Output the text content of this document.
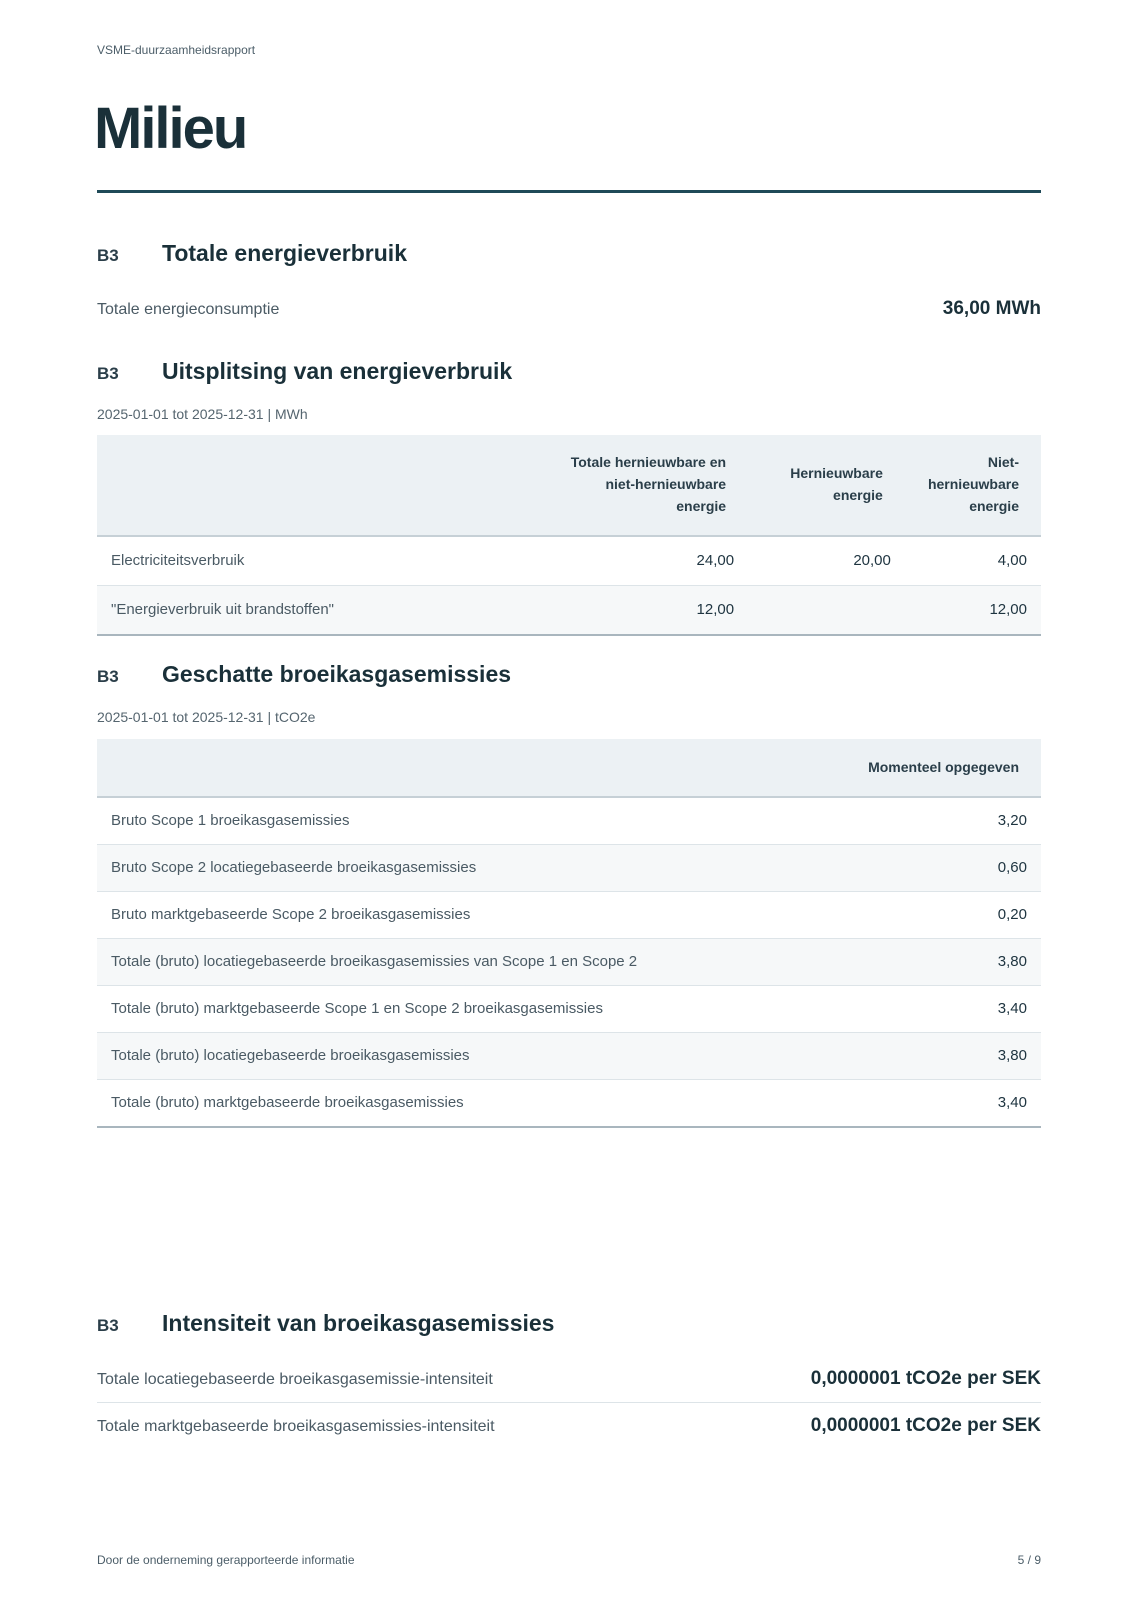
VSME-duurzaamheidsrapport
Milieu
B3	Totale energieverbruik
Totale energieconsumptie	36,00 MWh
B3	Uitsplitsing van energieverbruik
2025-01-01 tot 2025-12-31 | MWh
	Totale hernieuwbare en niet-hernieuwbare energie	Hernieuwbare energie	Niet-hernieuwbare energie
Electriciteitsverbruik	24,00	20,00	4,00
"Energieverbruik uit brandstoffen"	12,00		12,00
B3	Geschatte broeikasgasemissies
2025-01-01 tot 2025-12-31 | tCO2e
	Momenteel opgegeven
Bruto Scope 1 broeikasgasemissies	3,20
Bruto Scope 2 locatiegebaseerde broeikasgasemissies	0,60
Bruto marktgebaseerde Scope 2 broeikasgasemissies	0,20
Totale (bruto) locatiegebaseerde broeikasgasemissies van Scope 1 en Scope 2	3,80
Totale (bruto) marktgebaseerde Scope 1 en Scope 2 broeikasgasemissies	3,40
Totale (bruto) locatiegebaseerde broeikasgasemissies	3,80
Totale (bruto) marktgebaseerde broeikasgasemissies	3,40
B3	Intensiteit van broeikasgasemissies
Totale locatiegebaseerde broeikasgasemissie-intensiteit	0,0000001 tCO2e per SEK
Totale marktgebaseerde broeikasgasemissies-intensiteit	0,0000001 tCO2e per SEK
Door de onderneming gerapporteerde informatie	5 / 9
